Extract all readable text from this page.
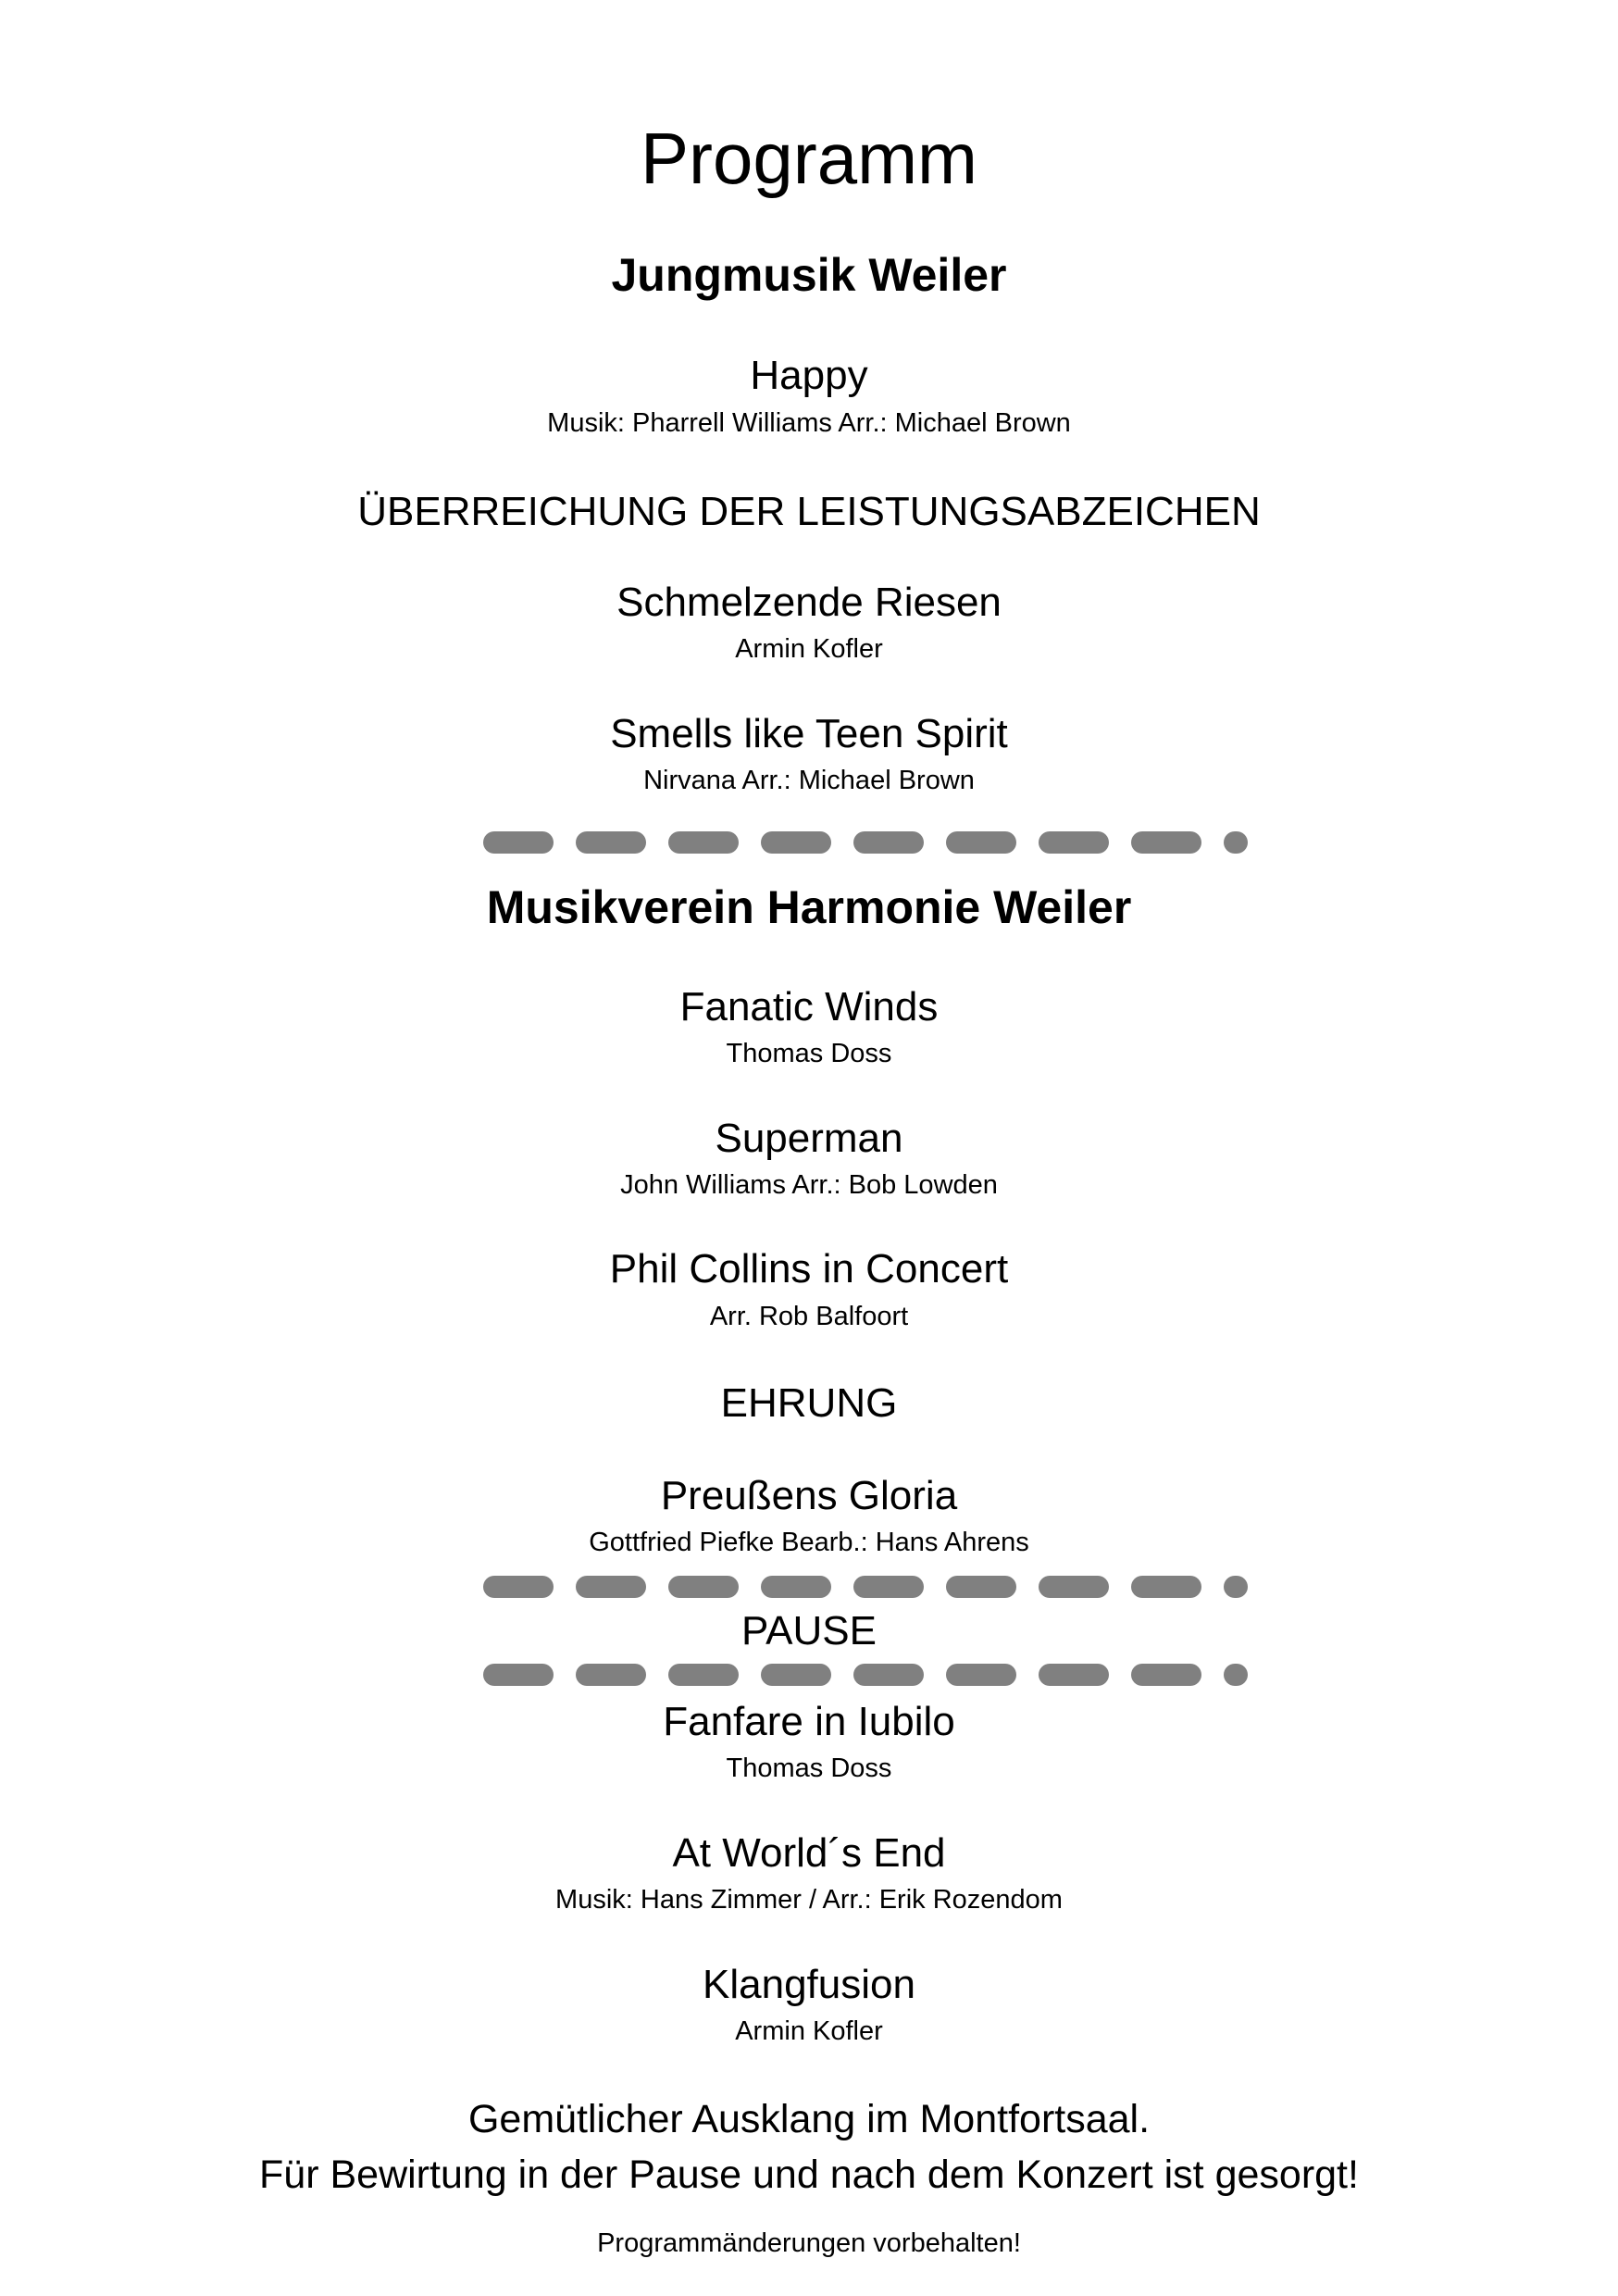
Programm
Jungmusik Weiler
Happy
Musik: Pharrell Williams Arr.: Michael Brown
ÜBERREICHUNG DER LEISTUNGSABZEICHEN
Schmelzende Riesen
Armin Kofler
Smells like Teen Spirit
Nirvana Arr.: Michael Brown
Musikverein Harmonie Weiler
Fanatic Winds
Thomas Doss
Superman
John Williams Arr.: Bob Lowden
Phil Collins in Concert
Arr. Rob Balfoort
EHRUNG
Preußens Gloria
Gottfried Piefke Bearb.: Hans Ahrens
PAUSE
Fanfare in Iubilo
Thomas Doss
At World´s End
Musik: Hans Zimmer / Arr.: Erik Rozendom
Klangfusion
Armin Kofler
Gemütlicher Ausklang im Montfortsaal.
Für Bewirtung in der Pause und nach dem Konzert ist gesorgt!
Programmänderungen vorbehalten!
